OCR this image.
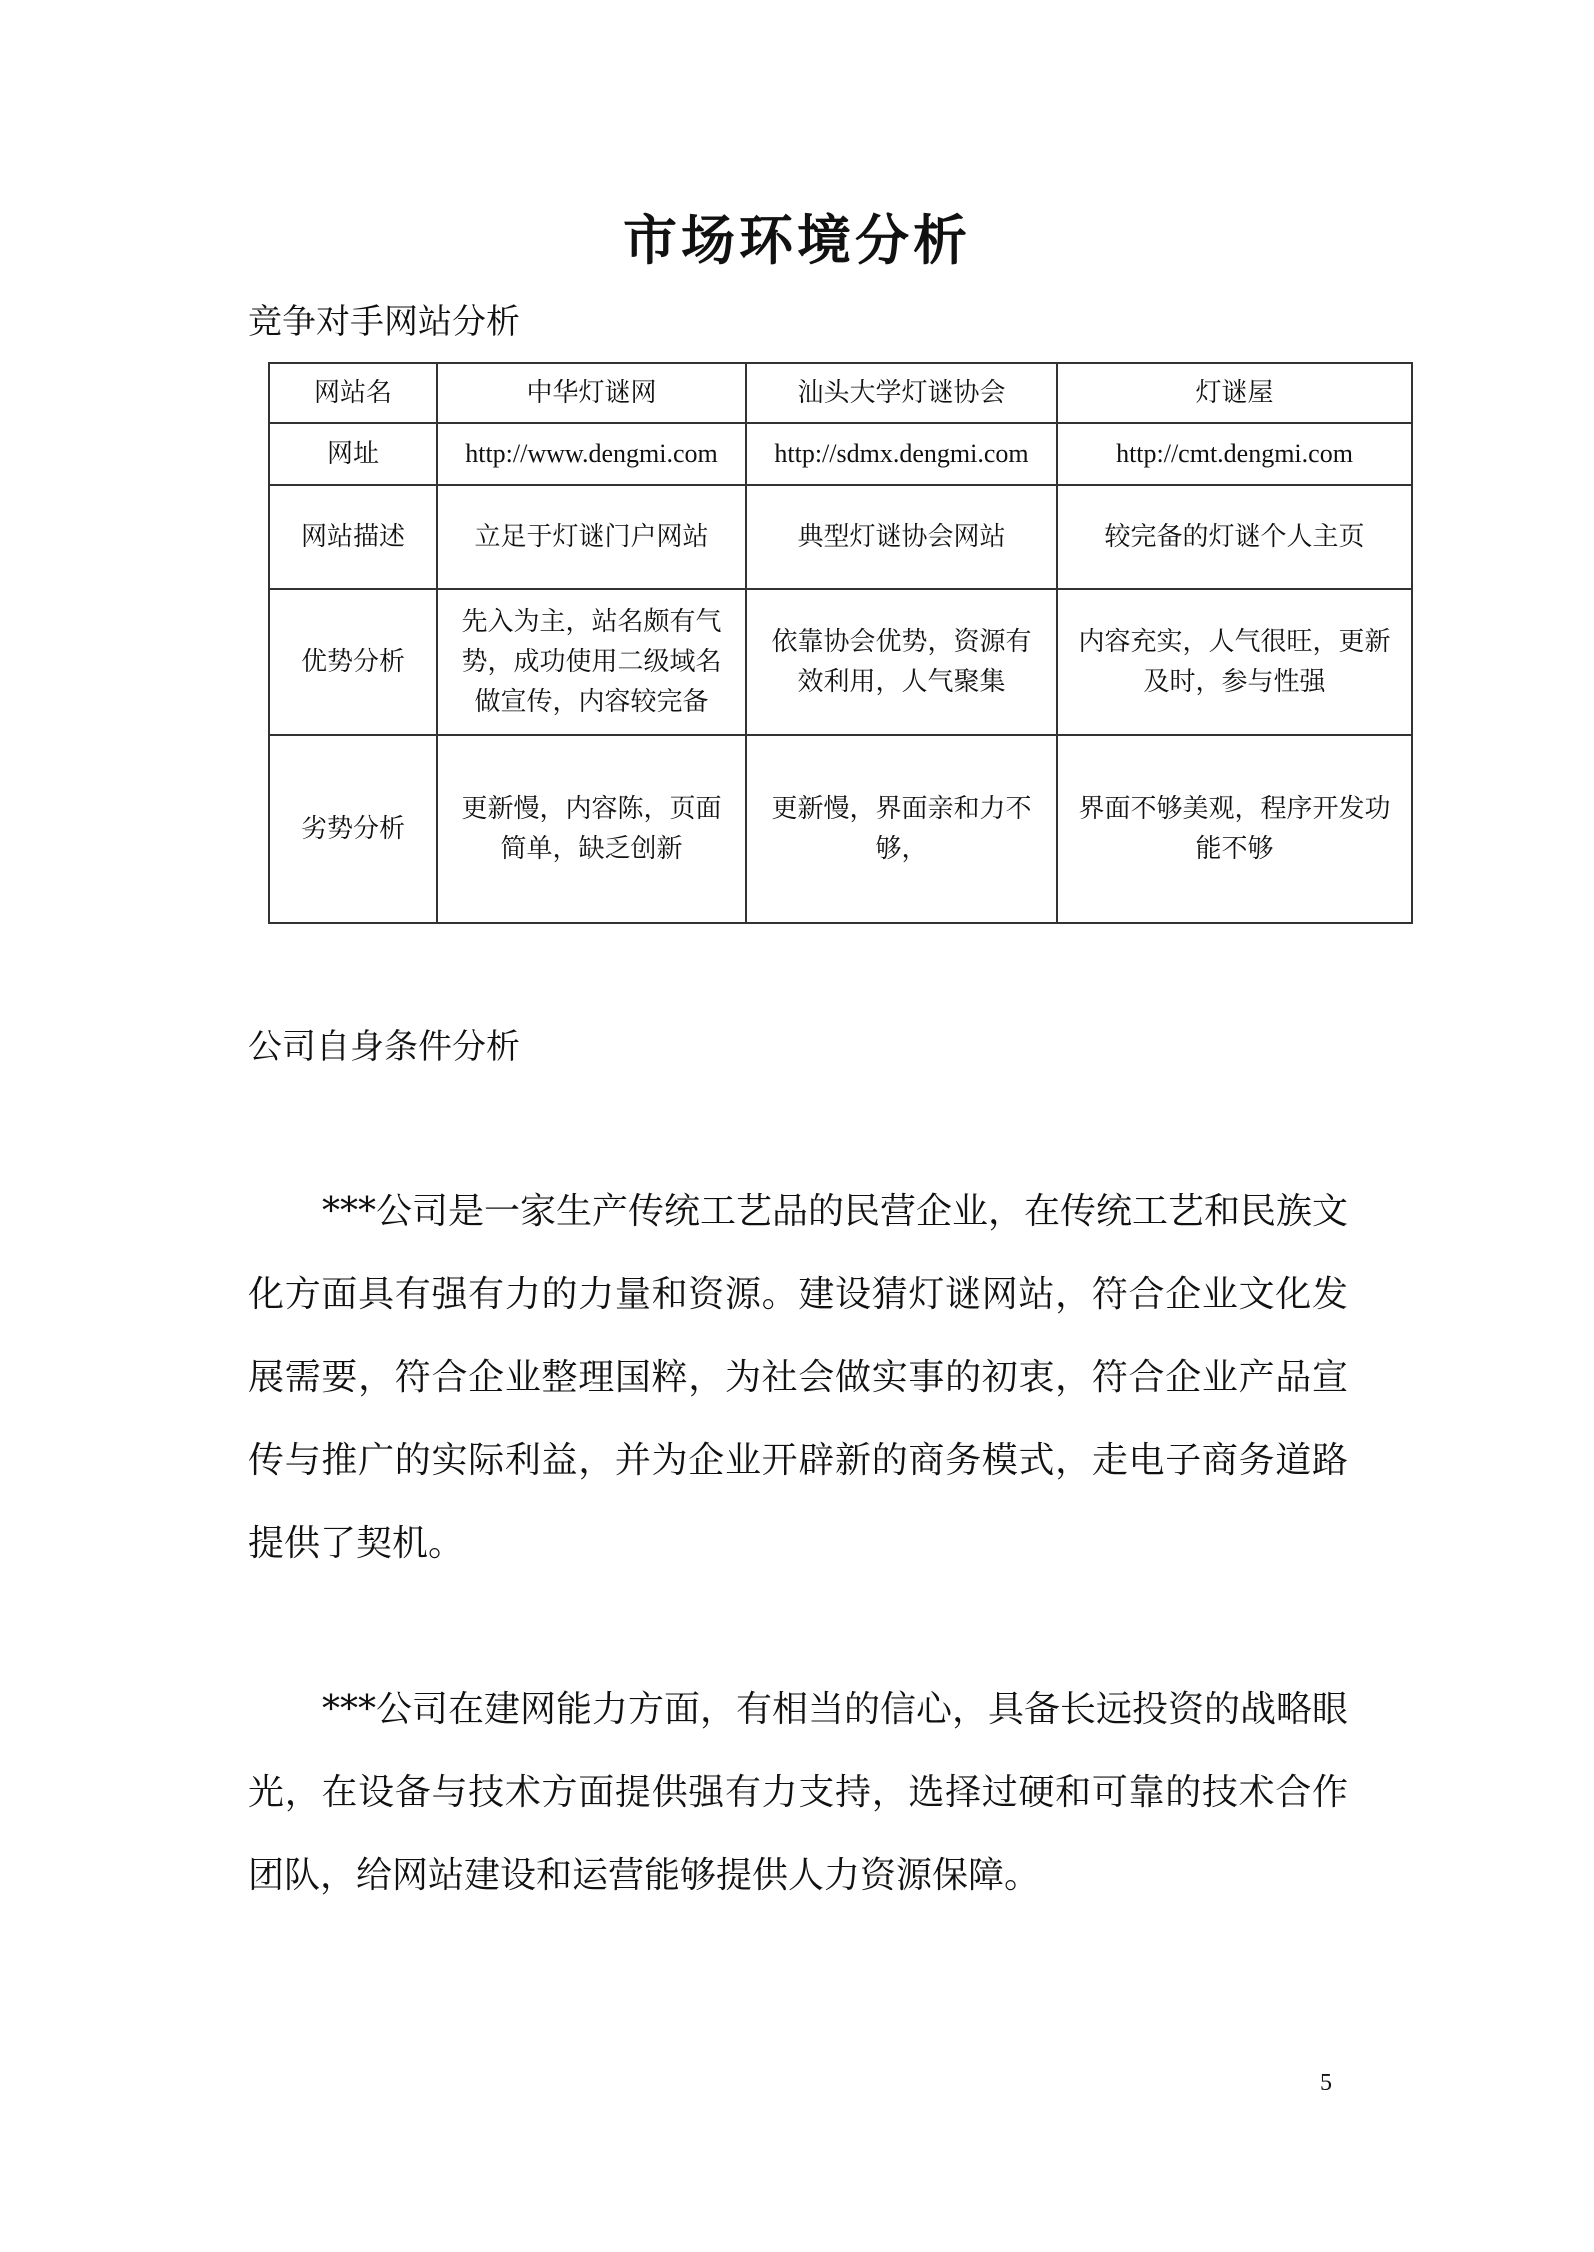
市场环境分析
竞争对手网站分析
网站名	中华灯谜网	汕头大学灯谜协会	灯谜屋
网址	http://www.dengmi.com	http://sdmx.dengmi.com	http://cmt.dengmi.com
网站描述	立足于灯谜门户网站	典型灯谜协会网站	较完备的灯谜个人主页
优势分析	先入为主，站名颇有气势，成功使用二级域名做宣传，内容较完备	依靠协会优势，资源有效利用，人气聚集	内容充实，人气很旺，更新及时，参与性强
劣势分析	更新慢，内容陈，页面简单，缺乏创新	更新慢，界面亲和力不够，	界面不够美观，程序开发功能不够
公司自身条件分析

***公司是一家生产传统工艺品的民营企业，在传统工艺和民族文化方面具有强有力的力量和资源。建设猜灯谜网站，符合企业文化发展需要，符合企业整理国粹，为社会做实事的初衷，符合企业产品宣传与推广的实际利益，并为企业开辟新的商务模式，走电子商务道路提供了契机。

***公司在建网能力方面，有相当的信心，具备长远投资的战略眼光，在设备与技术方面提供强有力支持，选择过硬和可靠的技术合作团队，给网站建设和运营能够提供人力资源保障。

5
